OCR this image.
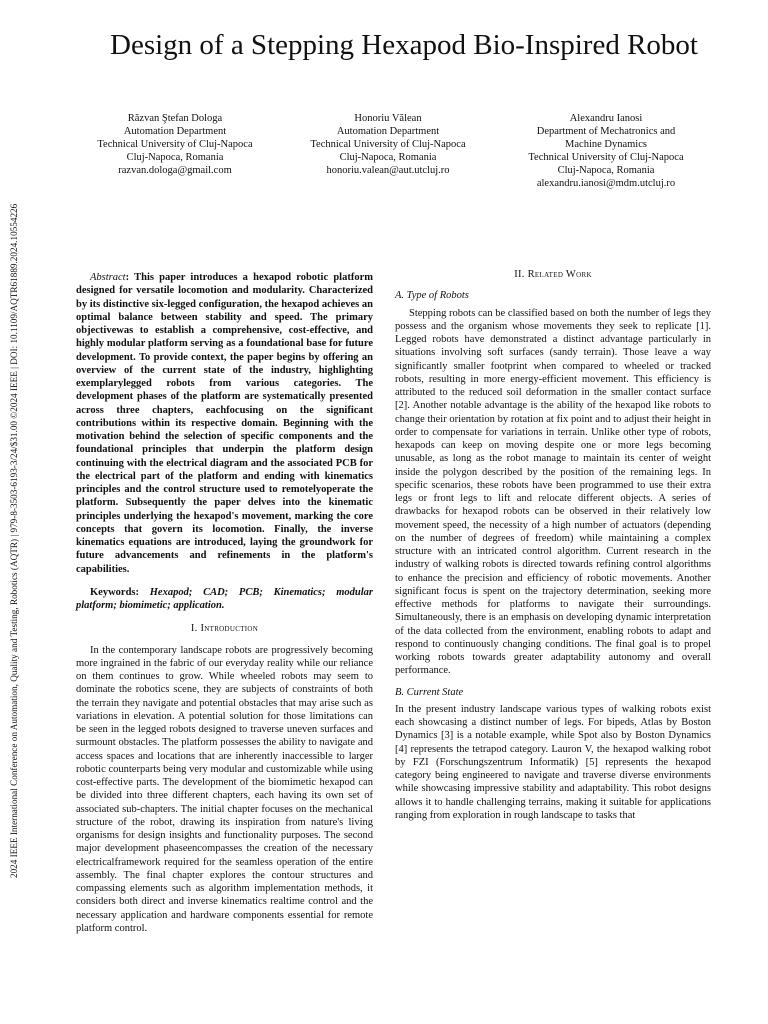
2024 IEEE International Conference on Automation, Quality and Testing, Robotics (AQTR) | 979-8-3503-6193-3/24/$31.00 ©2024 IEEE | DOI: 10.1109/AQTR61889.2024.10554226
Design of a Stepping Hexapod Bio-Inspired Robot
Răzvan Ştefan Dologa
Automation Department
Technical University of Cluj-Napoca
Cluj-Napoca, Romania
razvan.dologa@gmail.com
Honoriu Vălean
Automation Department
Technical University of Cluj-Napoca
Cluj-Napoca, Romania
honoriu.valean@aut.utcluj.ro
Alexandru Ianosi
Department of Mechatronics and
Machine Dynamics
Technical University of Cluj-Napoca
Cluj-Napoca, Romania
alexandru.ianosi@mdm.utcluj.ro

Abstract: This paper introduces a hexapod robotic platform designed for versatile locomotion and modularity. Characterized by its distinctive six-legged configuration, the hexapod achieves an optimal balance between stability and speed. The primary objectivewas to establish a comprehensive, cost-effective, and highly modular platform serving as a foundational base for future development. To provide context, the paper begins by offering an overview of the current state of the industry, highlighting exemplarylegged robots from various categories. The development phases of the platform are systematically presented across three chapters, eachfocusing on the significant contributions within its respective domain. Beginning with the motivation behind the selection of specific components and the foundational principles that underpin the platform design continuing with the electrical diagram and the associated PCB for the electrical part of the platform and ending with kinematics principles and the control structure used to remotelyoperate the platform. Subsequently the paper delves into the kinematic principles underlying the hexapod's movement, marking the core concepts that govern its locomotion. Finally, the inverse kinematics equations are introduced, laying the groundwork for future advancements and refinements in the platform's capabilities.

Keywords: Hexapod; CAD; PCB; Kinematics; modular platform; biomimetic; application.

I. Introduction

In the contemporary landscape robots are progressively becoming more ingrained in the fabric of our everyday reality while our reliance on them continues to grow. While wheeled robots may seem to dominate the robotics scene, they are subjects of constraints of both the terrain they navigate and potential obstacles that may arise such as variations in elevation. A potential solution for those limitations can be seen in the legged robots designed to traverse uneven surfaces and surmount obstacles. The platform possesses the ability to navigate and access spaces and locations that are inherently inaccessible to larger robotic counterparts being very modular and customizable while using cost-effective parts. The development of the biomimetic hexapod can be divided into three different chapters, each having its own set of associated sub-chapters. The initial chapter focuses on the mechanical structure of the robot, drawing its inspiration from nature's living organisms for design insights and functionality purposes. The second major development phaseencompasses the creation of the necessary electricalframework required for the seamless operation of the entire assembly. The final chapter explores the contour structures and compassing elements such as algorithm implementation methods, it considers both direct and inverse kinematics realtime control and the necessary application and hardware components essential for remote platform control.

II. Related Work
A. Type of Robots

Stepping robots can be classified based on both the number of legs they possess and the organism whose movements they seek to replicate [1]. Legged robots have demonstrated a distinct advantage particularly in situations involving soft surfaces (sandy terrain). Those leave a way significantly smaller footprint when compared to wheeled or tracked robots, resulting in more energy-efficient movement. This efficiency is attributed to the reduced soil deformation in the smaller contact surface [2]. Another notable advantage is the ability of the hexapod like robots to change their orientation by rotation at fix point and to adjust their height in order to compensate for variations in terrain. Unlike other type of robots, hexapods can keep on moving despite one or more legs becoming unusable, as long as the robot manage to maintain its center of weight inside the polygon described by the position of the remaining legs. In specific scenarios, these robots have been programmed to use their extra legs or front legs to lift and relocate different objects. A series of drawbacks for hexapod robots can be observed in their relatively low movement speed, the necessity of a high number of actuators (depending on the number of degrees of freedom) while maintaining a complex structure with an intricated control algorithm. Current research in the industry of walking robots is directed towards refining control algorithms to enhance the precision and efficiency of robotic movements. Another significant focus is spent on the trajectory determination, seeking more effective methods for platforms to navigate their surroundings. Simultaneously, there is an emphasis on developing dynamic interpretation of the data collected from the environment, enabling robots to adapt and respond to continuously changing conditions. The final goal is to propel working robots towards greater adaptability autonomy and overall performance.

B. Current State

In the present industry landscape various types of walking robots exist each showcasing a distinct number of legs. For bipeds, Atlas by Boston Dynamics [3] is a notable example, while Spot also by Boston Dynamics [4] represents the tetrapod category. Lauron V, the hexapod walking robot by FZI (Forschungszentrum Informatik) [5] represents the hexapod category being engineered to navigate and traverse diverse environments while showcasing impressive stability and adaptability. This robot designs allows it to handle challenging terrains, making it suitable for applications ranging from exploration in rough landscape to tasks that
